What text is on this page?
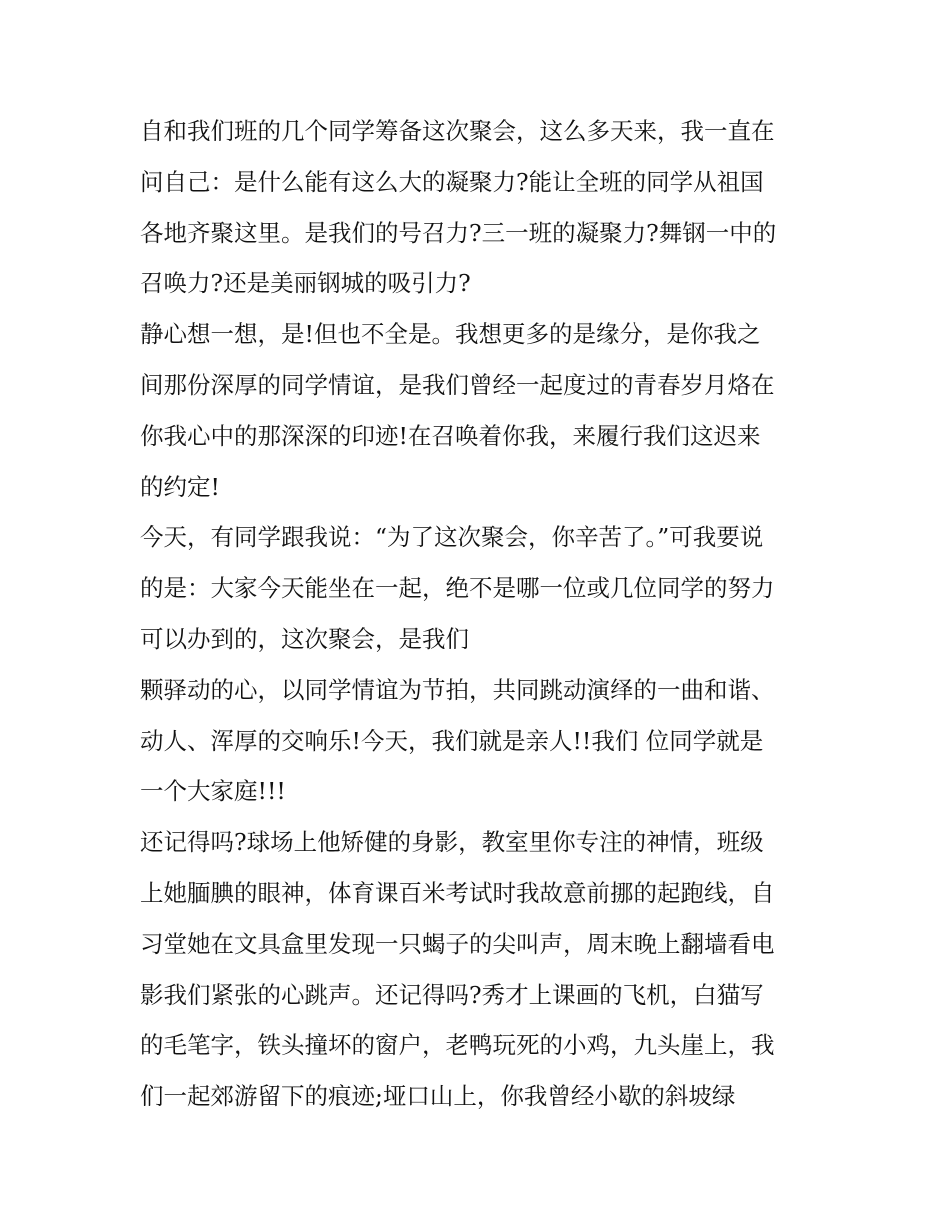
自和我们班的几个同学筹备这次聚会，这么多天来，我一直在
问自己：是什么能有这么大的凝聚力?能让全班的同学从祖国
各地齐聚这里。是我们的号召力?三一班的凝聚力?舞钢一中的
召唤力?还是美丽钢城的吸引力?
静心想一想，是!但也不全是。我想更多的是缘分，是你我之
间那份深厚的同学情谊，是我们曾经一起度过的青春岁月烙在
你我心中的那深深的印迹!在召唤着你我，来履行我们这迟来
的约定!
今天，有同学跟我说：“为了这次聚会，你辛苦了。”可我要说
的是：大家今天能坐在一起，绝不是哪一位或几位同学的努力
可以办到的，这次聚会，是我们
颗驿动的心，以同学情谊为节拍，共同跳动演绎的一曲和谐、
动人、浑厚的交响乐!今天，我们就是亲人!!我们 位同学就是
一个大家庭!!!
还记得吗?球场上他矫健的身影，教室里你专注的神情，班级
上她腼腆的眼神，体育课百米考试时我故意前挪的起跑线，自
习堂她在文具盒里发现一只蝎子的尖叫声，周末晚上翻墙看电
影我们紧张的心跳声。还记得吗?秀才上课画的飞机，白猫写
的毛笔字，铁头撞坏的窗户，老鸭玩死的小鸡，九头崖上，我
们一起郊游留下的痕迹;垭口山上，你我曾经小歇的斜坡绿
